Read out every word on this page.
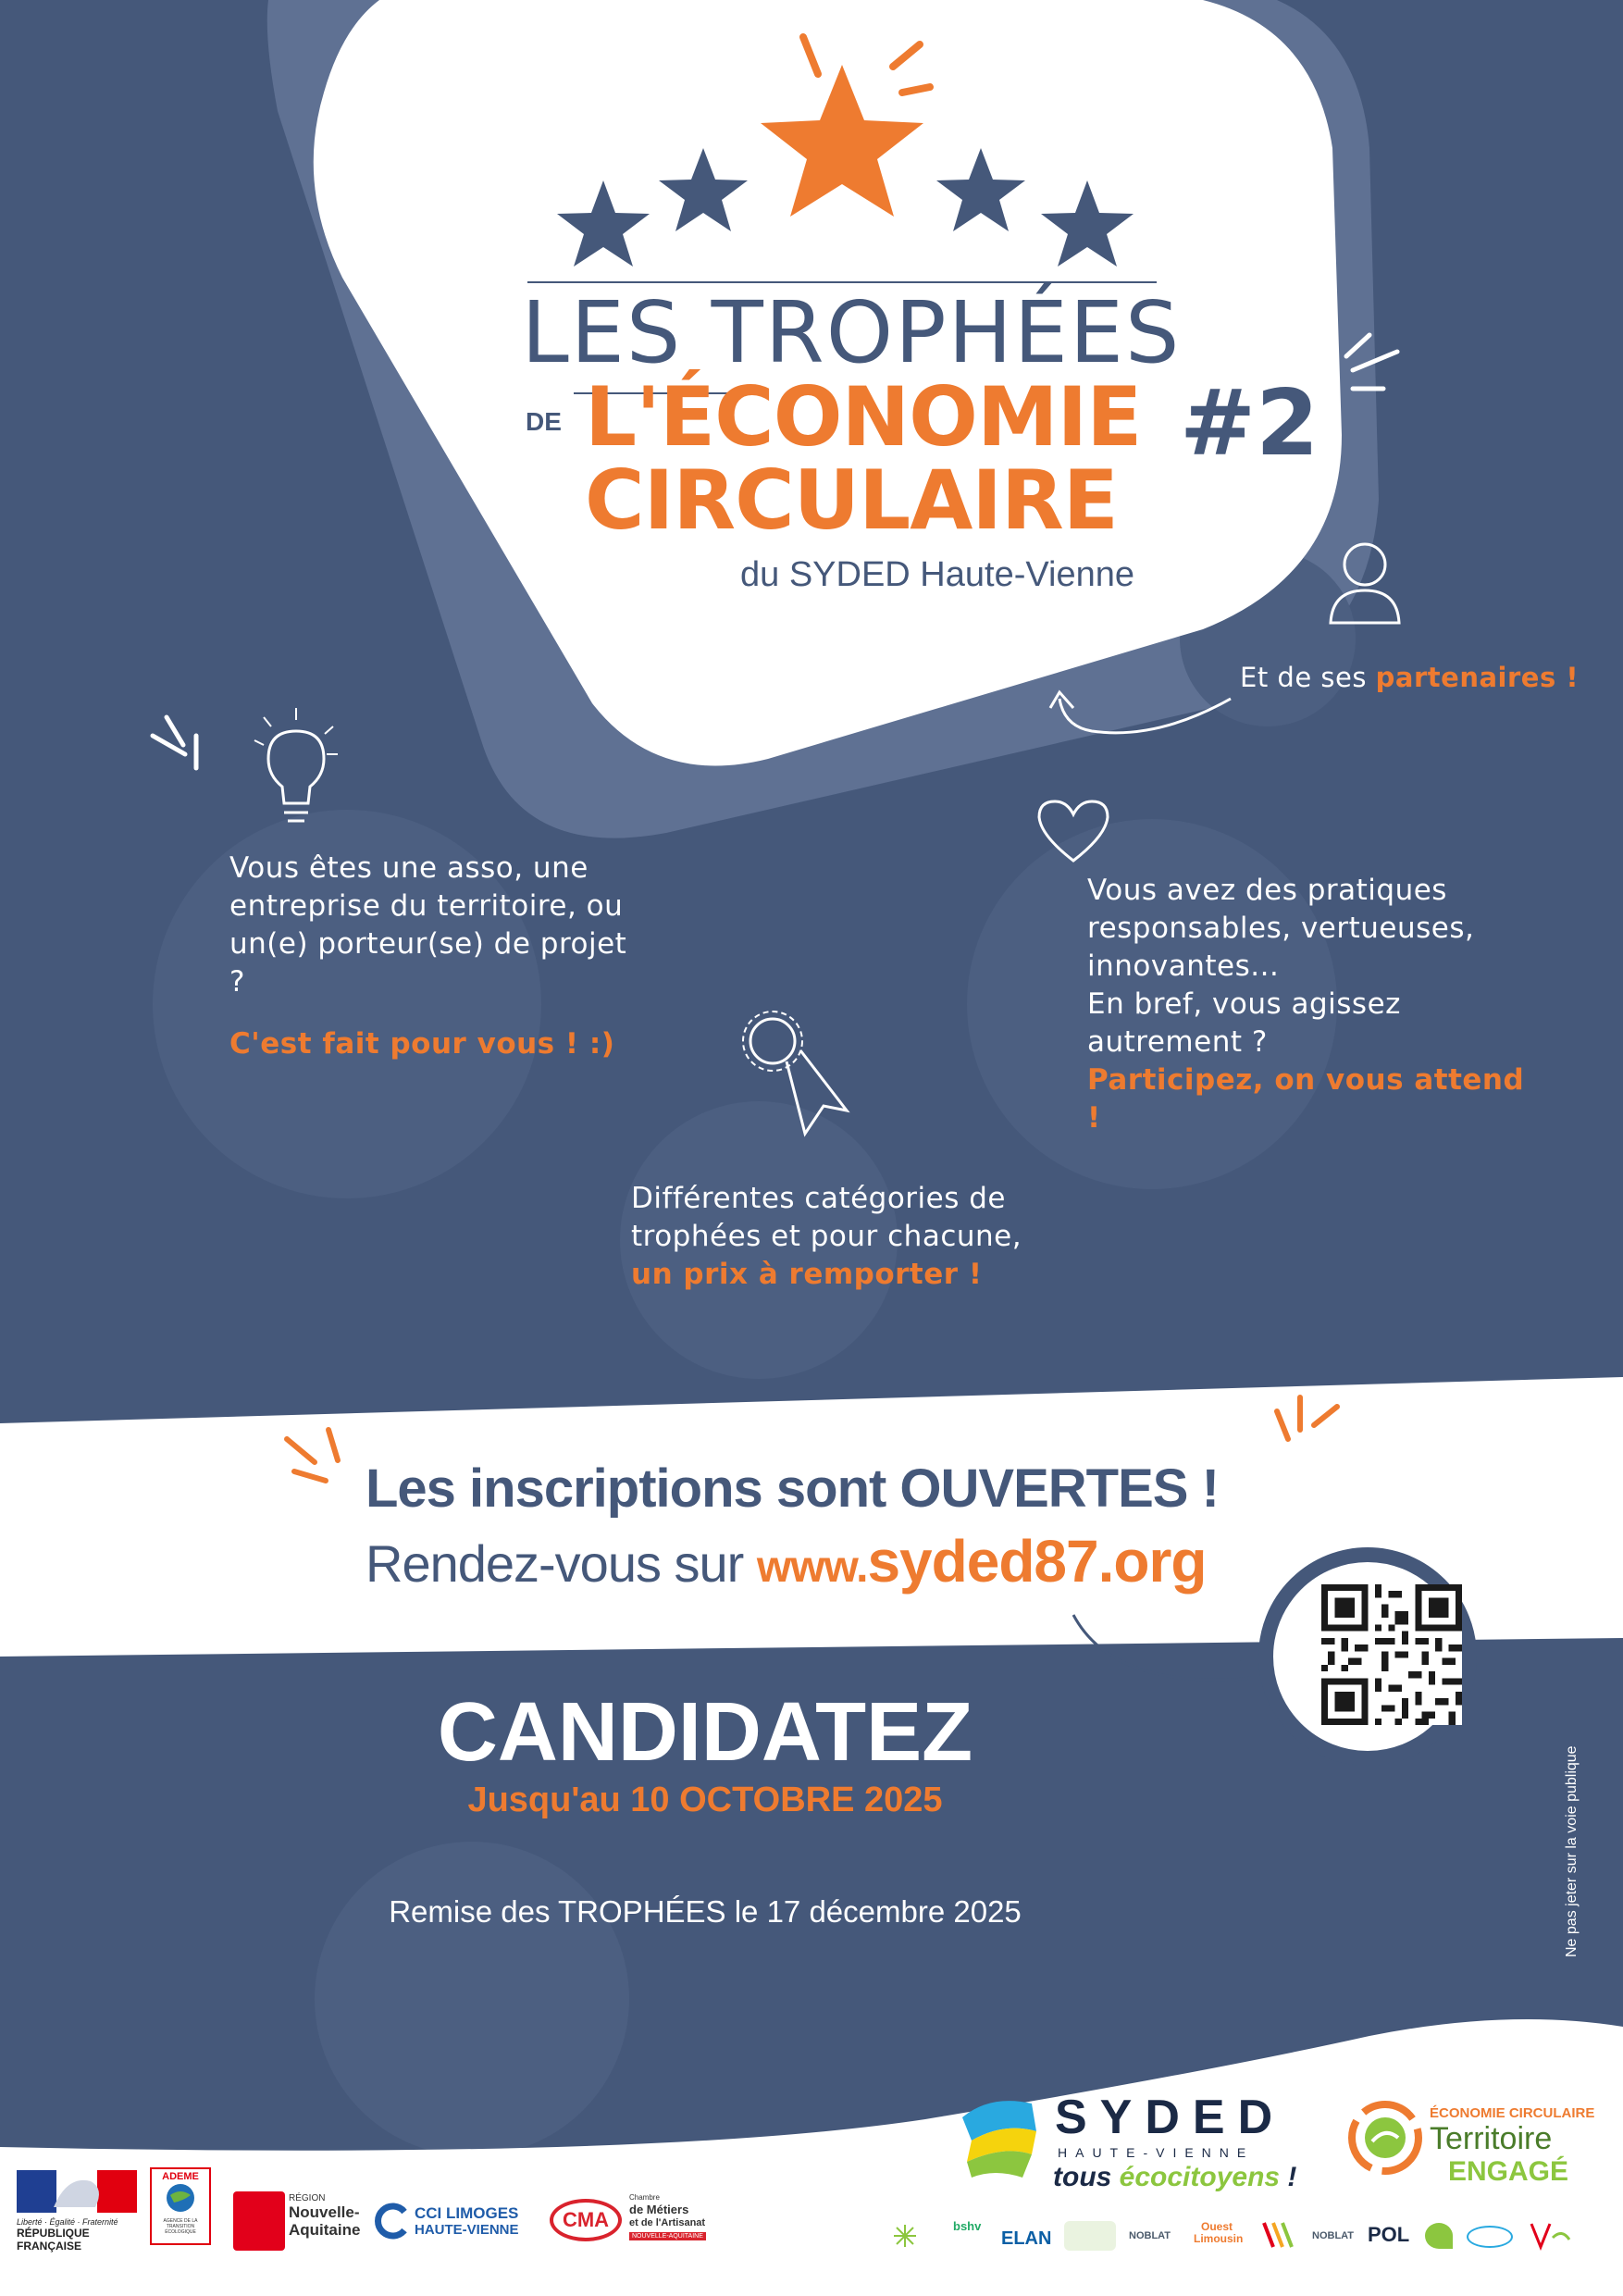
LES TROPHÉES
DE L'ÉCONOMIE #2
CIRCULAIRE
du SYDED Haute-Vienne
Et de ses partenaires !
Vous êtes une asso, une entreprise du territoire, ou un(e) porteur(se) de projet ?
C'est fait pour vous ! :)
Vous avez des pratiques responsables, vertueuses, innovantes...
En bref, vous agissez autrement ?
Participez, on vous attend !
Différentes catégories de trophées et pour chacune,
un prix à remporter !
Les inscriptions sont OUVERTES !
Rendez-vous sur www.syded87.org
CANDIDATEZ
Jusqu'au 10 OCTOBRE 2025
Remise des TROPHÉES le 17 décembre 2025	Ne pas jeter sur la voie publique
SYDED
HAUTE-VIENNE
tous écocitoyens !
ÉCONOMIE CIRCULAIRE
Territoire
ENGAGÉ
Liberté · Égalité · Fraternité
RÉPUBLIQUE FRANÇAISE
ADEME
AGENCE DE LA TRANSITION ÉCOLOGIQUE
RÉGION
Nouvelle-
Aquitaine
CCI LIMOGES
HAUTE-VIENNE	CMA
Chambre
de Métiers
et de l'Artisanat
NOUVELLE-AQUITAINE
bshv
ELAN	NOBLAT
Ouest Limousin	NOBLAT POL
